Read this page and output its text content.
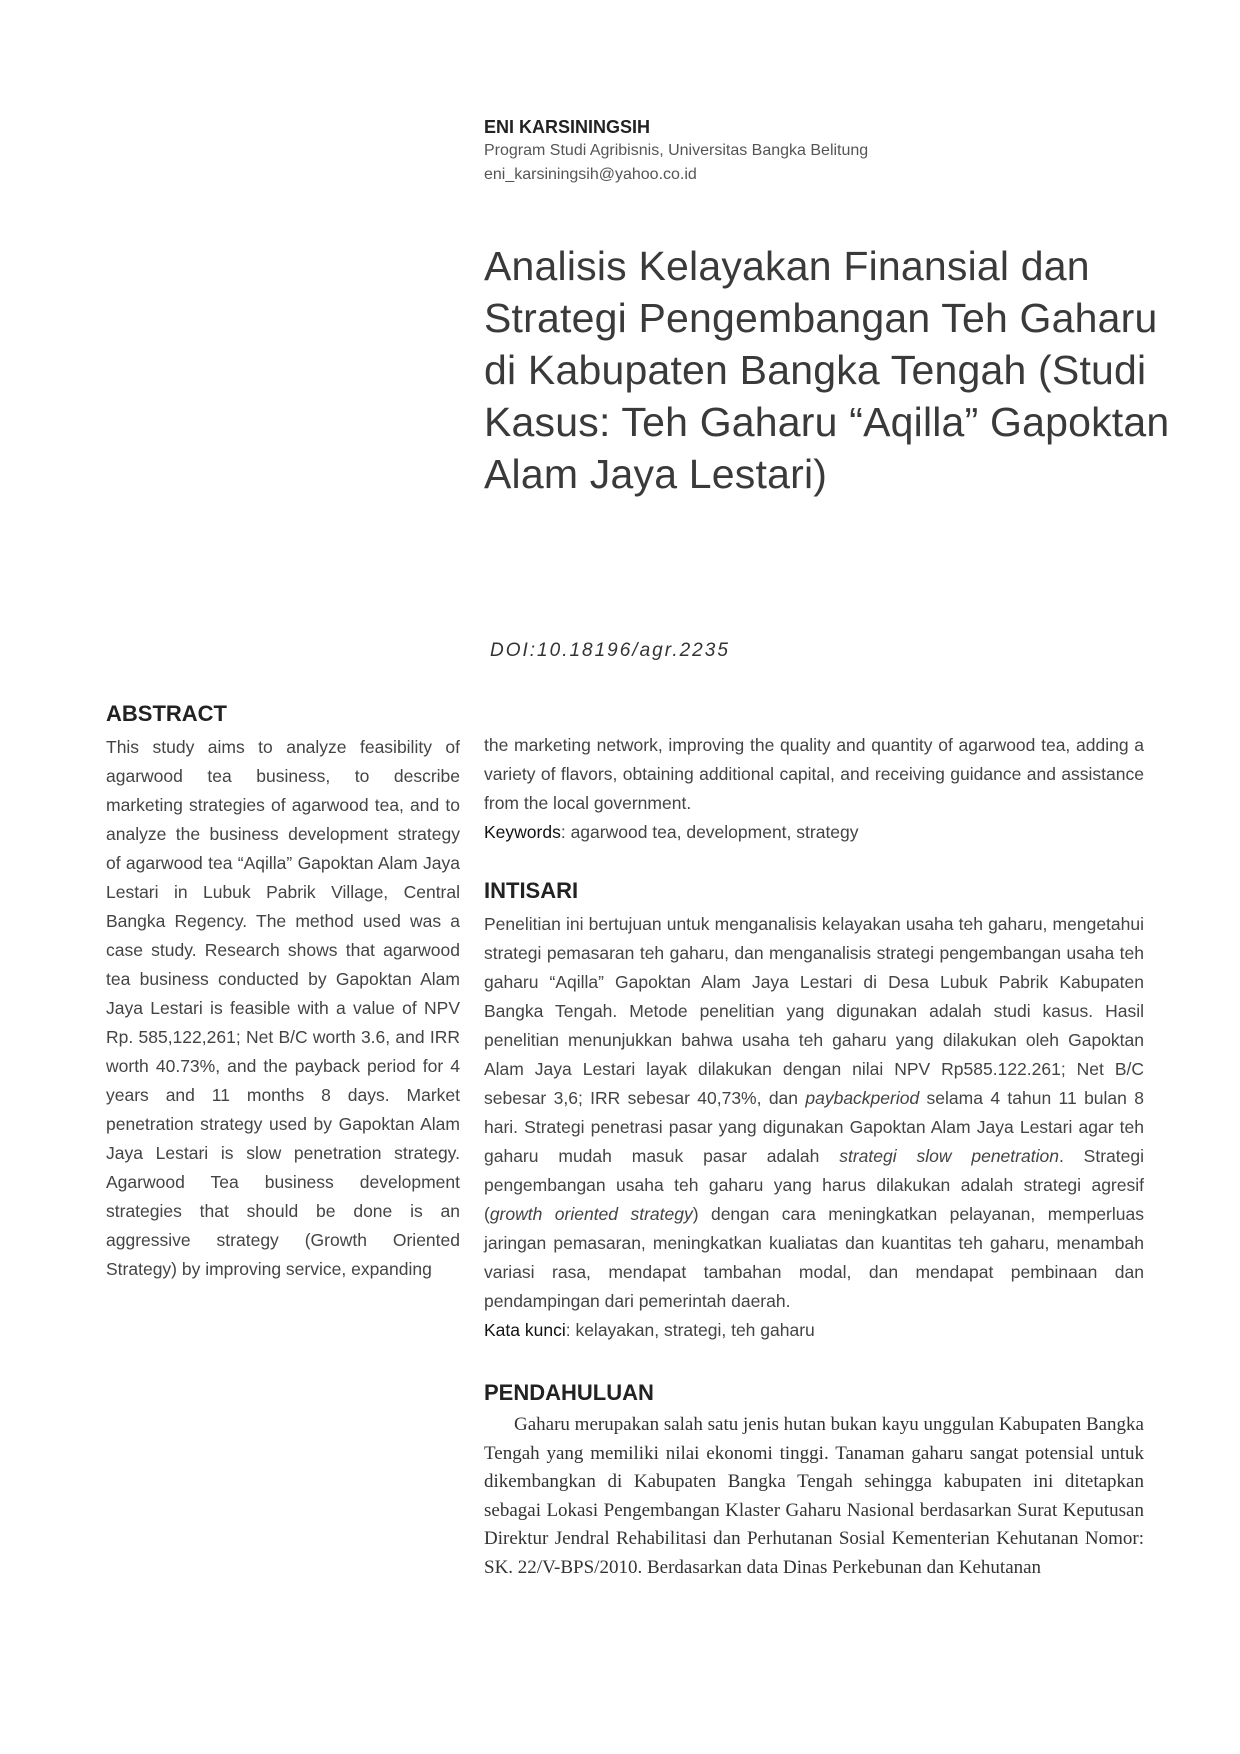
ENI KARSININGSIH
Program Studi Agribisnis, Universitas Bangka Belitung
eni_karsiningsih@yahoo.co.id
Analisis Kelayakan Finansial dan Strategi Pengembangan Teh Gaharu di Kabupaten Bangka Tengah (Studi Kasus: Teh Gaharu “Aqilla” Gapoktan Alam Jaya Lestari)
DOI:10.18196/agr.2235
ABSTRACT

This study aims to analyze feasibility of agarwood tea business, to describe marketing strategies of agarwood tea, and to analyze the business development strategy of agarwood tea “Aqilla” Gapoktan Alam Jaya Lestari in Lubuk Pabrik Village, Central Bangka Regency. The method used was a case study. Research shows that agarwood tea business conducted by Gapoktan Alam Jaya Lestari is feasible with a value of NPV Rp. 585,122,261; Net B/C worth 3.6, and IRR worth 40.73%, and the payback period for 4 years and 11 months 8 days. Market penetration strategy used by Gapoktan Alam Jaya Lestari is slow penetration strategy. Agarwood Tea business development strategies that should be done is an aggressive strategy (Growth Oriented Strategy) by improving service, expanding

the marketing network, improving the quality and quantity of agarwood tea, adding a variety of flavors, obtaining additional capital, and receiving guidance and assistance from the local government.

Keywords: agarwood tea, development, strategy

INTISARI

Penelitian ini bertujuan untuk menganalisis kelayakan usaha teh gaharu, mengetahui strategi pemasaran teh gaharu, dan menganalisis strategi pengembangan usaha teh gaharu “Aqilla” Gapoktan Alam Jaya Lestari di Desa Lubuk Pabrik Kabupaten Bangka Tengah. Metode penelitian yang digunakan adalah studi kasus. Hasil penelitian menunjukkan bahwa usaha teh gaharu yang dilakukan oleh Gapoktan Alam Jaya Lestari layak dilakukan dengan nilai NPV Rp585.122.261; Net B/C sebesar 3,6; IRR sebesar 40,73%, dan paybackperiod selama 4 tahun 11 bulan 8 hari. Strategi penetrasi pasar yang digunakan Gapoktan Alam Jaya Lestari agar teh gaharu mudah masuk pasar adalah strategi slow penetration. Strategi pengembangan usaha teh gaharu yang harus dilakukan adalah strategi agresif (growth oriented strategy) dengan cara meningkatkan pelayanan, memperluas jaringan pemasaran, meningkatkan kualiatas dan kuantitas teh gaharu, menambah variasi rasa, mendapat tambahan modal, dan mendapat pembinaan dan pendampingan dari pemerintah daerah.

Kata kunci: kelayakan, strategi, teh gaharu

PENDAHULUAN

Gaharu merupakan salah satu jenis hutan bukan kayu unggulan Kabupaten Bangka Tengah yang memiliki nilai ekonomi tinggi. Tanaman gaharu sangat potensial untuk dikembangkan di Kabupaten Bangka Tengah sehingga kabupaten ini ditetapkan sebagai Lokasi Pengembangan Klaster Gaharu Nasional berdasarkan Surat Keputusan Direktur Jendral Rehabilitasi dan Perhutanan Sosial Kementerian Kehutanan Nomor: SK. 22/V-BPS/2010. Berdasarkan data Dinas Perkebunan dan Kehutanan
